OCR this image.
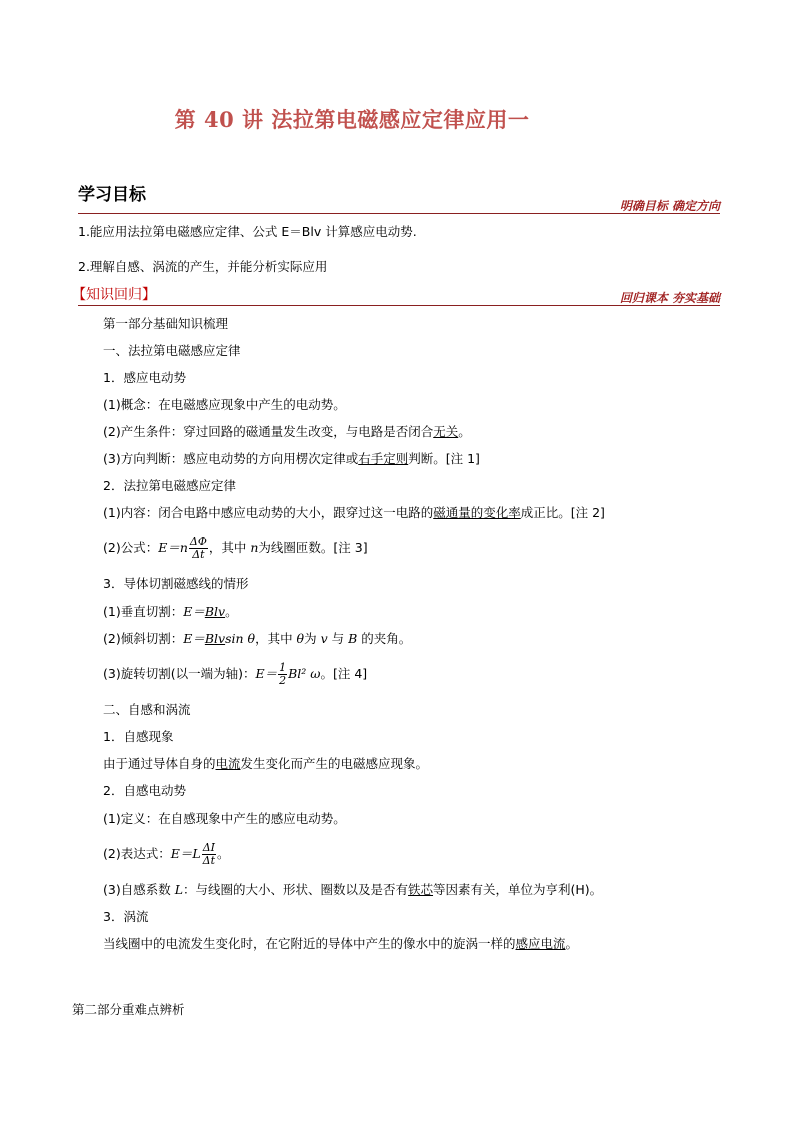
第 40 讲 法拉第电磁感应定律应用一
学习目标
明确目标 确定方向
1.能应用法拉第电磁感应定律、公式 E＝Blv 计算感应电动势.
2.理解自感、涡流的产生，并能分析实际应用
【知识回归】	回归课本 夯实基础
第一部分基础知识梳理
一、法拉第电磁感应定律
1．感应电动势
(1)概念：在电磁感应现象中产生的电动势。
(2)产生条件：穿过回路的磁通量发生改变，与电路是否闭合无关。
(3)方向判断：感应电动势的方向用楞次定律或右手定则判断。[注 1]
2．法拉第电磁感应定律
(1)内容：闭合电路中感应电动势的大小，跟穿过这一电路的磁通量的变化率成正比。[注 2]
(2)公式：$E=n \frac{\Delta\Phi}{\Delta t}$ ，其中 n为线圈匝数。[注 3]
3．导体切割磁感线的情形
(1)垂直切割：E＝Blv。
(2)倾斜切割：E＝Blvsin θ，其中 θ为 v 与 B 的夹角。
(3)旋转切割(以一端为轴)：$E= \frac{1}{2} Bl^2$ ω。[注 4]
二、自感和涡流
1．自感现象
由于通过导体自身的电流发生变化而产生的电磁感应现象。
2．自感电动势
(1)定义：在自感现象中产生的感应电动势。
(2)表达式：$E=L \frac{\Delta I}{\Delta t}$ 。
(3)自感系数 L：与线圈的大小、形状、圈数以及是否有铁芯等因素有关，单位为亨利(H)。
3．涡流
当线圈中的电流发生变化时，在它附近的导体中产生的像水中的旋涡一样的感应电流。
第二部分重难点辨析
